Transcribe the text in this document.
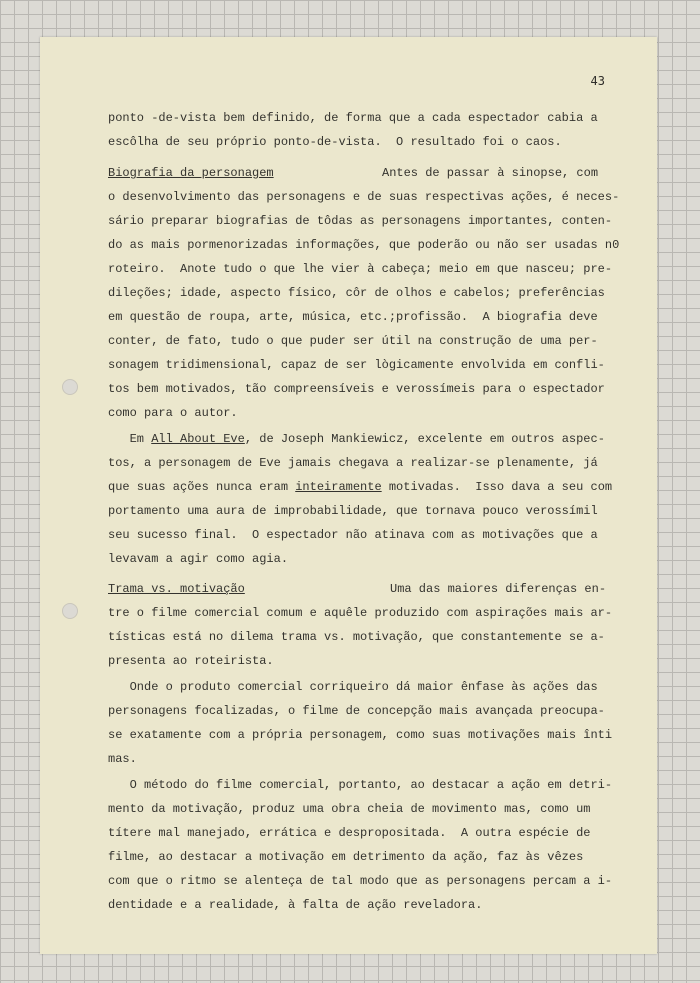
43
ponto -de-vista bem definido, de forma que a cada espectador cabia a
escôlha de seu próprio ponto-de-vista.  O resultado foi o caos.
Biografia da personagem	Antes de passar à sinopse, com
o desenvolvimento das personagens e de suas respectivas ações, é neces-
sário preparar biografias de tôdas as personagens importantes, conten-
do as mais pormenorizadas informações, que poderão ou não ser usadas n0
roteiro.  Anote tudo o que lhe vier à cabeça; meio em que nasceu; pre-
dileções; idade, aspecto físico, côr de olhos e cabelos; preferências
em questão de roupa, arte, música, etc.;profissão.  A biografia deve
conter, de fato, tudo o que puder ser útil na construção de uma per-
sonagem tridimensional, capaz de ser lògicamente envolvida em confli-
tos bem motivados, tão compreensíveis e verossímeis para o espectador
como para o autor.
Em All About Eve, de Joseph Mankiewicz, excelente em outros aspec-
tos, a personagem de Eve jamais chegava a realizar-se plenamente, já
que suas ações nunca eram inteiramente motivadas.  Isso dava a seu com
portamento uma aura de improbabilidade, que tornava pouco verossímil
seu sucesso final.  O espectador não atinava com as motivações que a
levavam a agir como agia.
Trama vs. motivação	Uma das maiores diferenças en-
tre o filme comercial comum e aquêle produzido com aspirações mais ar-
tísticas está no dilema trama vs. motivação, que constantemente se a-
presenta ao roteirista.
Onde o produto comercial corriqueiro dá maior ênfase às ações das
personagens focalizadas, o filme de concepção mais avançada preocupa-
se exatamente com a própria personagem, como suas motivações mais înti
mas.
O método do filme comercial, portanto, ao destacar a ação em detri-
mento da motivação, produz uma obra cheia de movimento mas, como um
títere mal manejado, errática e despropositada.  A outra espécie de
filme, ao destacar a motivação em detrimento da ação, faz às vêzes
com que o ritmo se alenteça de tal modo que as personagens percam a i-
dentidade e a realidade, à falta de ação reveladora.
